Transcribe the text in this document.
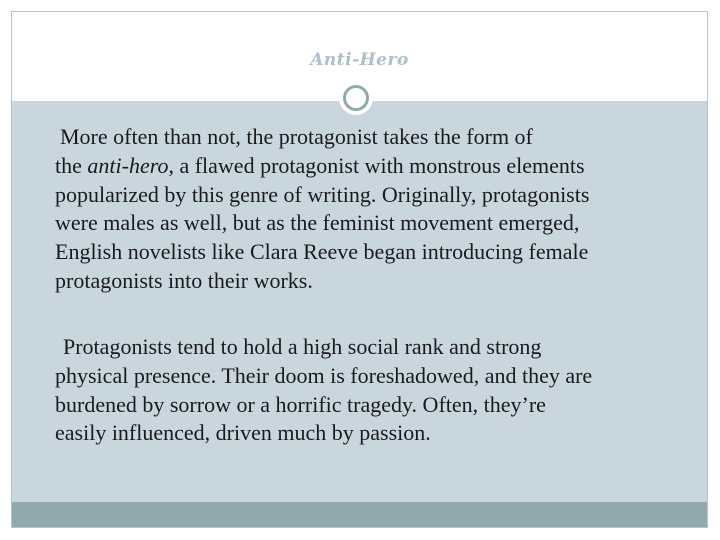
Anti-Hero
More often than not, the protagonist takes the form of
the anti-hero, a flawed protagonist with monstrous elements
popularized by this genre of writing. Originally, protagonists
were males as well, but as the feminist movement emerged,
English novelists like Clara Reeve began introducing female
protagonists into their works.
Protagonists tend to hold a high social rank and strong
physical presence. Their doom is foreshadowed, and they are
burdened by sorrow or a horrific tragedy. Often, they’re
easily influenced, driven much by passion.
